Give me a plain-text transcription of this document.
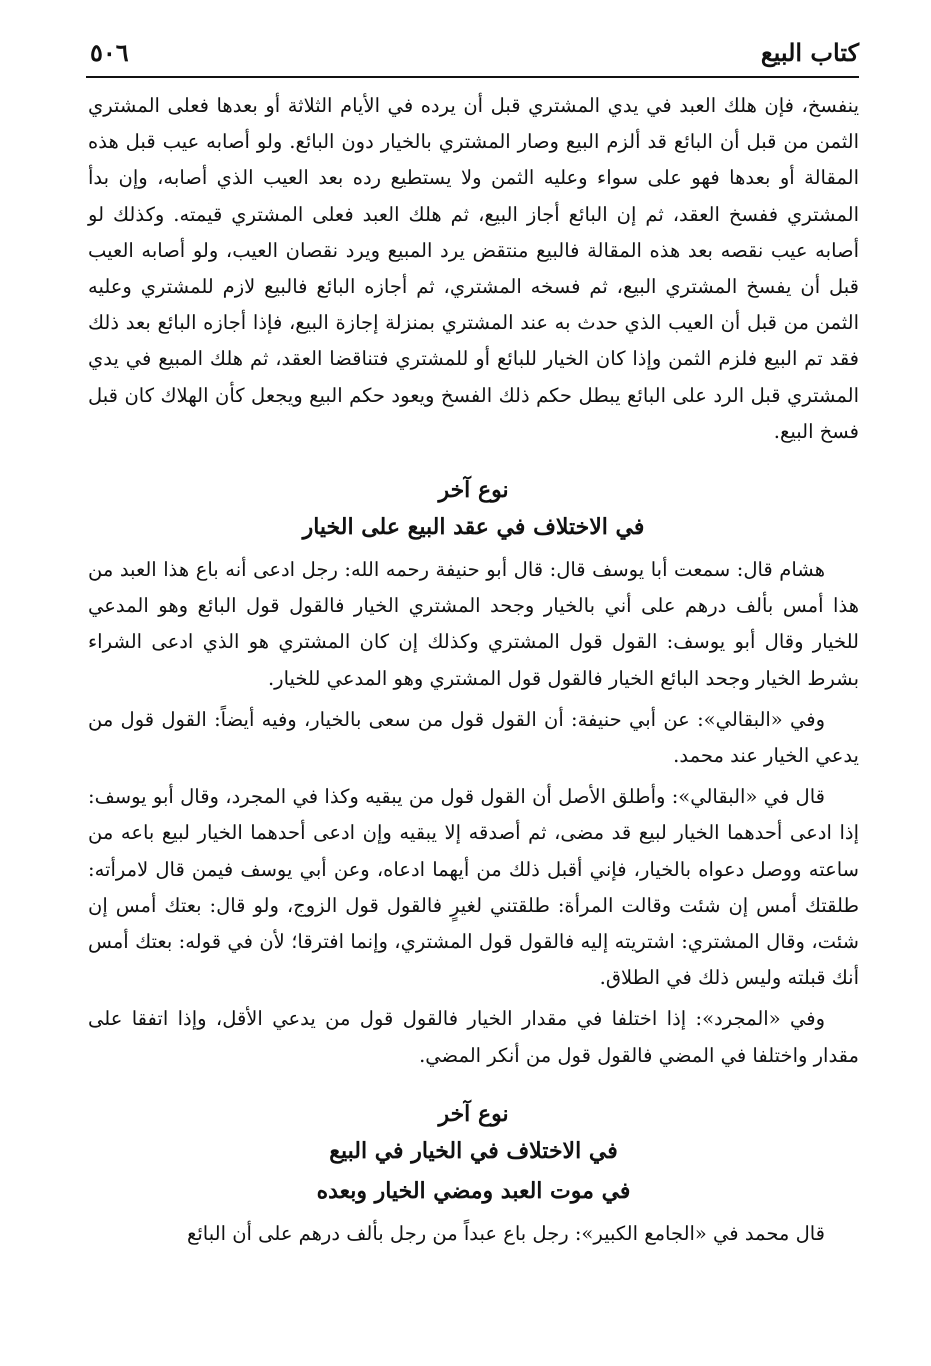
كتاب البيع
٥٠٦

ينفسخ، فإن هلك العبد في يدي المشتري قبل أن يرده في الأيام الثلاثة أو بعدها فعلى المشتري الثمن من قبل أن البائع قد ألزم البيع وصار المشتري بالخيار دون البائع. ولو أصابه عيب قبل هذه المقالة أو بعدها فهو على سواء وعليه الثمن ولا يستطيع رده بعد العيب الذي أصابه، وإن بدأ المشتري ففسخ العقد، ثم إن البائع أجاز البيع، ثم هلك العبد فعلى المشتري قيمته. وكذلك لو أصابه عيب نقصه بعد هذه المقالة فالبيع منتقض يرد المبيع ويرد نقصان العيب، ولو أصابه العيب قبل أن يفسخ المشتري البيع، ثم فسخه المشتري، ثم أجازه البائع فالبيع لازم للمشتري وعليه الثمن من قبل أن العيب الذي حدث به عند المشتري بمنزلة إجازة البيع، فإذا أجازه البائع بعد ذلك فقد تم البيع فلزم الثمن وإذا كان الخيار للبائع أو للمشتري فتناقضا العقد، ثم هلك المبيع في يدي المشتري قبل الرد على البائع يبطل حكم ذلك الفسخ ويعود حكم البيع ويجعل كأن الهلاك كان قبل فسخ البيع.

نوع آخر
في الاختلاف في عقد البيع على الخيار

هشام قال: سمعت أبا يوسف قال: قال أبو حنيفة رحمه الله: رجل ادعى أنه باع هذا العبد من هذا أمس بألف درهم على أني بالخيار وجحد المشتري الخيار فالقول قول البائع وهو المدعي للخيار وقال أبو يوسف: القول قول المشتري وكذلك إن كان المشتري هو الذي ادعى الشراء بشرط الخيار وجحد البائع الخيار فالقول قول المشتري وهو المدعي للخيار.

وفي «البقالي»: عن أبي حنيفة: أن القول قول من سعى بالخيار، وفيه أيضاً: القول قول من يدعي الخيار عند محمد.

قال في «البقالي»: وأطلق الأصل أن القول قول من يبقيه وكذا في المجرد، وقال أبو يوسف: إذا ادعى أحدهما الخيار لبيع قد مضى، ثم أصدقه إلا يبقيه وإن ادعى أحدهما الخيار لبيع باعه من ساعته ووصل دعواه بالخيار، فإني أقبل ذلك من أيهما ادعاه، وعن أبي يوسف فيمن قال لامرأته: طلقتك أمس إن شئت وقالت المرأة: طلقتني لغيرٍ فالقول قول الزوج، ولو قال: بعتك أمس إن شئت، وقال المشتري: اشتريته إليه فالقول قول المشتري، وإنما افترقا؛ لأن في قوله: بعتك أمس أنك قبلته وليس ذلك في الطلاق.

وفي «المجرد»: إذا اختلفا في مقدار الخيار فالقول قول من يدعي الأقل، وإذا اتفقا على مقدار واختلفا في المضي فالقول قول من أنكر المضي.

نوع آخر
في الاختلاف في الخيار في البيع
في موت العبد ومضي الخيار وبعده

قال محمد في «الجامع الكبير»: رجل باع عبداً من رجل بألف درهم على أن البائع
